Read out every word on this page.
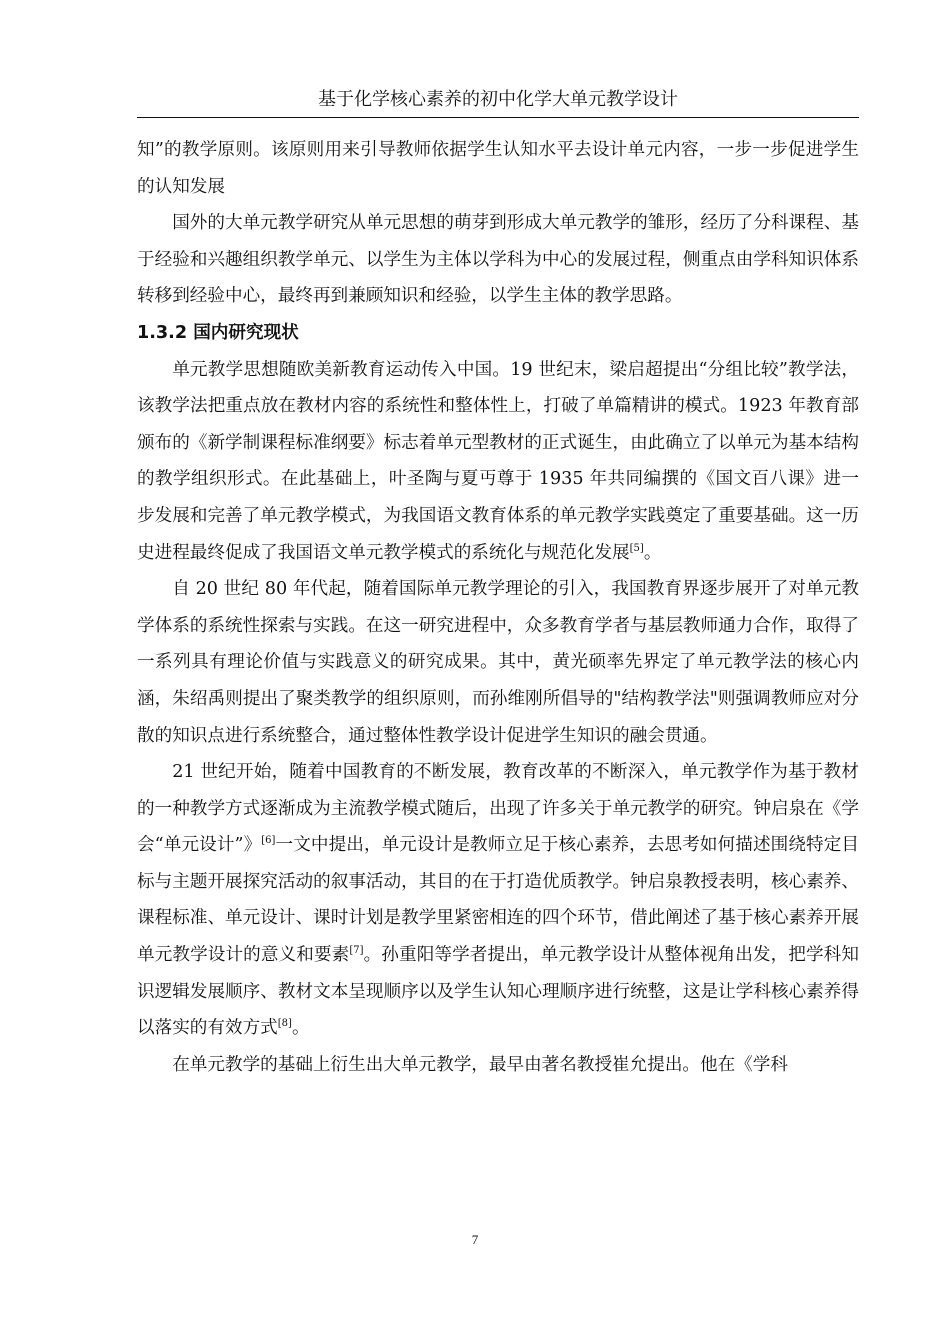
基于化学核心素养的初中化学大单元教学设计

知”的教学原则。该原则用来引导教师依据学生认知水平去设计单元内容，一步一步促进学生的认知发展

国外的大单元教学研究从单元思想的萌芽到形成大单元教学的雏形，经历了分科课程、基于经验和兴趣组织教学单元、以学生为主体以学科为中心的发展过程，侧重点由学科知识体系转移到经验中心，最终再到兼顾知识和经验，以学生主体的教学思路。

1.3.2 国内研究现状

单元教学思想随欧美新教育运动传入中国。19 世纪末，梁启超提出“分组比较”教学法，该教学法把重点放在教材内容的系统性和整体性上，打破了单篇精讲的模式。1923 年教育部颁布的《新学制课程标准纲要》标志着单元型教材的正式诞生，由此确立了以单元为基本结构的教学组织形式。在此基础上，叶圣陶与夏丏尊于 1935 年共同编撰的《国文百八课》进一步发展和完善了单元教学模式，为我国语文教育体系的单元教学实践奠定了重要基础。这一历史进程最终促成了我国语文单元教学模式的系统化与规范化发展[5]。

自 20 世纪 80 年代起，随着国际单元教学理论的引入，我国教育界逐步展开了对单元教学体系的系统性探索与实践。在这一研究进程中，众多教育学者与基层教师通力合作，取得了一系列具有理论价值与实践意义的研究成果。其中，黄光硕率先界定了单元教学法的核心内涵，朱绍禹则提出了聚类教学的组织原则，而孙维刚所倡导的"结构教学法"则强调教师应对分散的知识点进行系统整合，通过整体性教学设计促进学生知识的融会贯通。

21 世纪开始，随着中国教育的不断发展，教育改革的不断深入，单元教学作为基于教材的一种教学方式逐渐成为主流教学模式随后，出现了许多关于单元教学的研究。钟启泉在《学会“单元设计”》[6]一文中提出，单元设计是教师立足于核心素养，去思考如何描述围绕特定目标与主题开展探究活动的叙事活动，其目的在于打造优质教学。钟启泉教授表明，核心素养、课程标准、单元设计、课时计划是教学里紧密相连的四个环节，借此阐述了基于核心素养开展单元教学设计的意义和要素[7]。孙重阳等学者提出，单元教学设计从整体视角出发，把学科知识逻辑发展顺序、教材文本呈现顺序以及学生认知心理顺序进行统整，这是让学科核心素养得以落实的有效方式[8]。

在单元教学的基础上衍生出大单元教学，最早由著名教授崔允提出。他在《学科

7
